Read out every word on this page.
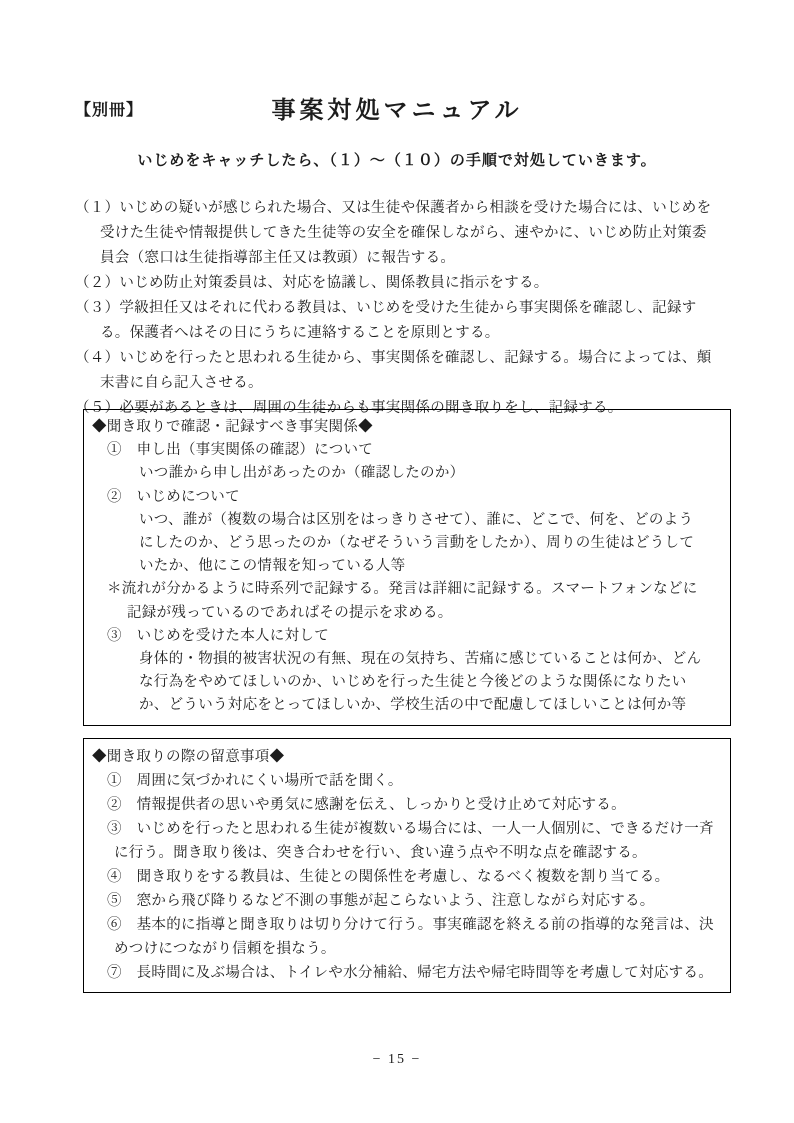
【別冊】	事案対処マニュアル
いじめをキャッチしたら、（１）～（１０）の手順で対処していきます。
（１）いじめの疑いが感じられた場合、又は生徒や保護者から相談を受けた場合には、いじめを
受けた生徒や情報提供してきた生徒等の安全を確保しながら、速やかに、いじめ防止対策委
員会（窓口は生徒指導部主任又は教頭）に報告する。
（２）いじめ防止対策委員は、対応を協議し、関係教員に指示をする。
（３）学級担任又はそれに代わる教員は、いじめを受けた生徒から事実関係を確認し、記録す
る。保護者へはその日にうちに連絡することを原則とする。
（４）いじめを行ったと思われる生徒から、事実関係を確認し、記録する。場合によっては、顛
末書に自ら記入させる。
（５）必要があるときは、周囲の生徒からも事実関係の聞き取りをし、記録する。
◆聞き取りで確認・記録すべき事実関係◆
①　申し出（事実関係の確認）について
いつ誰から申し出があったのか（確認したのか）
②　いじめについて
いつ、誰が（複数の場合は区別をはっきりさせて）、誰に、どこで、何を、どのよう
にしたのか、どう思ったのか（なぜそういう言動をしたか）、周りの生徒はどうして
いたか、他にこの情報を知っている人等
＊流れが分かるように時系列で記録する。発言は詳細に記録する。スマートフォンなどに
記録が残っているのであればその提示を求める。
③　いじめを受けた本人に対して
身体的・物損的被害状況の有無、現在の気持ち、苦痛に感じていることは何か、どん
な行為をやめてほしいのか、いじめを行った生徒と今後どのような関係になりたい
か、どういう対応をとってほしいか、学校生活の中で配慮してほしいことは何か等
◆聞き取りの際の留意事項◆
①　周囲に気づかれにくい場所で話を聞く。
②　情報提供者の思いや勇気に感謝を伝え、しっかりと受け止めて対応する。
③　いじめを行ったと思われる生徒が複数いる場合には、一人一人個別に、できるだけ一斉
に行う。聞き取り後は、突き合わせを行い、食い違う点や不明な点を確認する。
④　聞き取りをする教員は、生徒との関係性を考慮し、なるべく複数を割り当てる。
⑤　窓から飛び降りるなど不測の事態が起こらないよう、注意しながら対応する。
⑥　基本的に指導と聞き取りは切り分けて行う。事実確認を終える前の指導的な発言は、決
めつけにつながり信頼を損なう。
⑦　長時間に及ぶ場合は、トイレや水分補給、帰宅方法や帰宅時間等を考慮して対応する。
− 15 −
